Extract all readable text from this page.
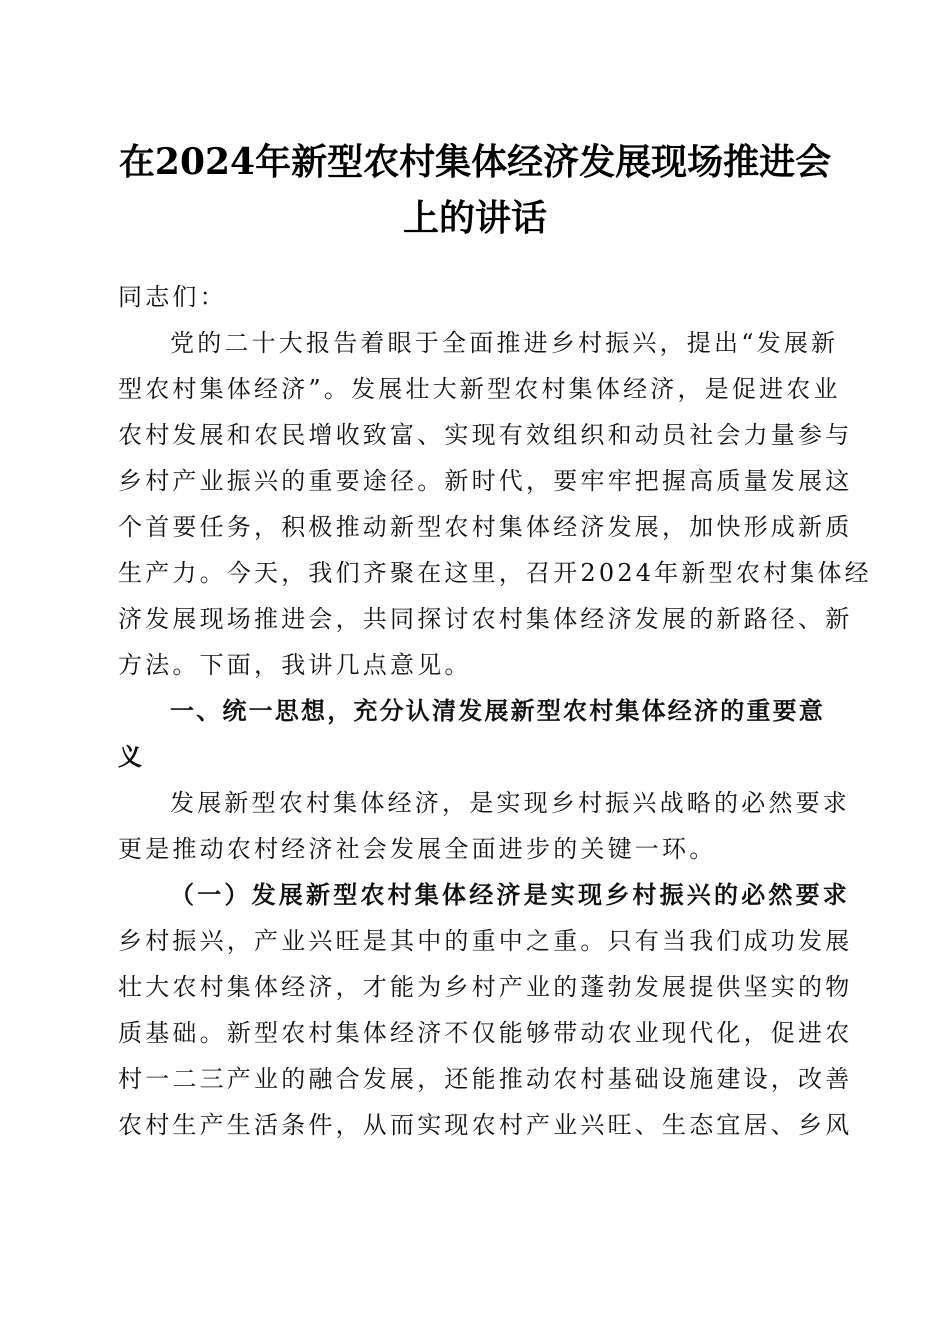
在2024年新型农村集体经济发展现场推进会
上的讲话

同志们：

党的二十大报告着眼于全面推进乡村振兴，提出“发展新
型农村集体经济”。发展壮大新型农村集体经济，是促进农业
农村发展和农民增收致富、实现有效组织和动员社会力量参与
乡村产业振兴的重要途径。新时代，要牢牢把握高质量发展这
个首要任务，积极推动新型农村集体经济发展，加快形成新质
生产力。今天，我们齐聚在这里，召开2024年新型农村集体经
济发展现场推进会，共同探讨农村集体经济发展的新路径、新
方法。下面，我讲几点意见。
一、统一思想，充分认清发展新型农村集体经济的重要意
义
发展新型农村集体经济，是实现乡村振兴战略的必然要求
更是推动农村经济社会发展全面进步的关键一环。

（一）发展新型农村集体经济是实现乡村振兴的必然要求

乡村振兴，产业兴旺是其中的重中之重。只有当我们成功发展
壮大农村集体经济，才能为乡村产业的蓬勃发展提供坚实的物
质基础。新型农村集体经济不仅能够带动农业现代化，促进农
村一二三产业的融合发展，还能推动农村基础设施建设，改善
农村生产生活条件，从而实现农村产业兴旺、生态宜居、乡风
